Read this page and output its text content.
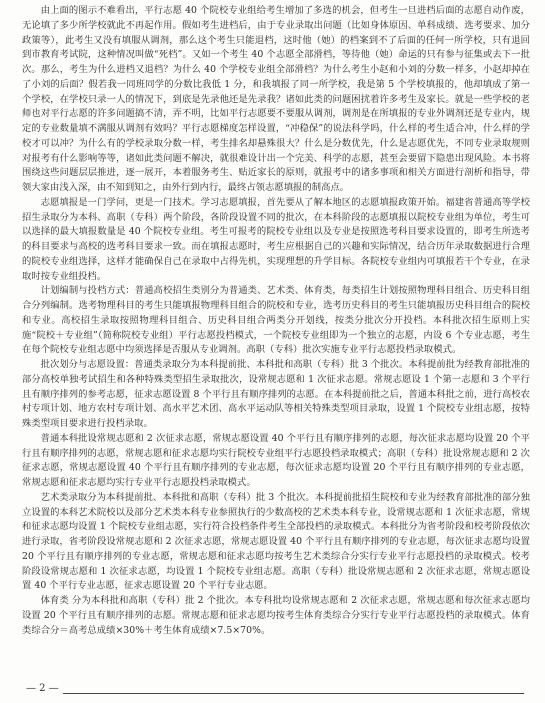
由上面的图示不难看出，平行志愿 40 个院校专业组给考生增加了多选的机会，但考生一旦进档后面的志愿自动作废，无论填了多少所学校就此不再起作用。假如考生进档后，由于专业录取出问题（比如身体原因、单科成绩、选考要求、加分政策等），此考生又没有填服从调剂，那么这个考生只能退档，这时他（她）的档案到不了后面的任何一所学校，只有退回到市教育考试院，这种情况叫做“死档”。又如一个考生 40 个志愿全部滑档，等待他（她）命运的只有参与征集或去下一批次。那么，考生为什么进档又退档？为什么 40 个学校专业组全部滑档？为什么考生小赵和小刘的分数一样多，小赵却掉在了小刘的后面？假若我一同班同学的分数比我低 1 分，和我填报了同一所学校，我是第 5 个学校填报的，他却填成了第一个学校，在学校只录一人的情况下，到底是先录他还是先录我？诸如此类的问题困扰着许多考生及家长。就是一些学校的老师也对平行志愿的许多问题搞不清，弄不明，比如平行志愿要不要服从调剂，调剂是在所填报的专业外调剂还是专业内，规定的专业数量填不满服从调剂有效吗？平行志愿梯度怎样设置，“冲稳保”的说法科学吗，什么样的考生适合冲，什么样的学校才可以冲？为什么有的学校录取分数一样，考生排名却悬殊很大？什么是分数优先，什么是志愿优先，不同专业录取规则对报考有什么影响等等，诸如此类问题不解决，就很难设计出一个完美、科学的志愿，甚至会要留下隐患出现风险。本书将围绕这些问题层层推进，逐一展开，本着服务考生、贴近家长的原则，就报考中的诸多事项和相关方面进行剖析和指导，带领大家由浅入深，由不知到知之，由外行到内行，最终占领志愿填报的制高点。

志愿填报是一门学问，更是一门技术。学习志愿填报，首先要从了解本地区的志愿填报政策开始。福建省普通高等学校招生录取分为本科、高职（专科）两个阶段，各阶段设置不同的批次，在本科阶段的志愿填报以院校专业组为单位，考生可以选择的最大填报数量是 40 个院校专业组。考生可报考的院校专业组以及专业是按照选考科目要求设置的，即考生所选考的科目要求与高校的选考科目要求一致。而在填报志愿时，考生应根据自己的兴趣和实际情况，结合历年录取数据进行合理的院校专业组选择，这样才能确保自己在录取中占得先机，实现理想的升学目标。各院校专业组内可填报若干个专业，在录取时按专业组投档。

计划编制与投档方式：普通高校招生类别分为普通类、艺术类、体育类，每类招生计划按照物理科目组合、历史科目组合分列编制。选考物理科目的考生只能填报物理科目组合的院校和专业，选考历史科目的考生只能填报历史科目组合的院校和专业。高校招生录取按照物理科目组合、历史科目组合两类分开划线，按类分批次分开投档。本科批次招生原则上实施“院校＋专业组”（简称院校专业组）平行志愿投档模式，一个院校专业组即为一个独立的志愿，内设 6 个专业志愿，考生在每个院校专业组志愿中均须选择是否服从专业调剂。高职（专科）批次实施专业平行志愿投档录取模式。

批次划分与志愿设置：普通类录取分为本科提前批、本科批和高职（专科）批 3 个批次。本科提前批为经教育部批准的部分高校单独考试招生和各种特殊类型招生录取批次，设常规志愿和 1 次征求志愿。常规志愿设 1 个第一志愿和 3 个平行且有顺序排列的参考志愿，征求志愿设置 8 个平行且有顺序排列的志愿。在本科提前批之后，普通本科批之前，进行高校农村专项计划、地方农村专项计划、高水平艺术团、高水平运动队等相关特殊类型项目录取，设置 1 个院校专业组志愿，按特殊类型项目要求进行投档录取。

普通本科批设常规志愿和 2 次征求志愿，常规志愿设置 40 个平行且有顺序排列的志愿，每次征求志愿均设置 20 个平行且有顺序排列的志愿，常规志愿和征求志愿均实行院校专业组平行志愿投档录取模式；高职（专科）批设常规志愿和 2 次征求志愿，常规志愿设置 40 个平行且有顺序排列的专业志愿，每次征求志愿均设置 20 个平行且有顺序排列的专业志愿，常规志愿和征求志愿均实行专业平行志愿投档录取模式。

艺术类录取分为本科提前批、本科批和高职（专科）批 3 个批次。本科提前批招生院校和专业为经教育部批准的部分独立设置的本科艺术院校以及部分艺术类本科专业参照执行的少数高校的艺术类本科专业，设常规志愿和 1 次征求志愿，常规和征求志愿均设置 1 个院校专业组志愿，实行符合投档条件考生全部投档的录取模式。本科批分为省考阶段和校考阶段依次进行录取，省考阶段设常规志愿和 2 次征求志愿，常规志愿设置 40 个平行且有顺序排列的专业志愿，每次征求志愿均设置 20 个平行且有顺序排列的专业志愿，常规志愿和征求志愿均按考生艺术类综合分实行专业平行志愿投档的录取模式。校考阶段设常规志愿和 1 次征求志愿，均设置 1 个院校专业组志愿。高职（专科）批设常规志愿和 2 次征求志愿，常规志愿设置 40 个平行专业志愿，征求志愿设置 20 个平行专业志愿。

体育类 分为本科批和高职（专科）批 2 个批次。本专科批均设常规志愿和 2 次征求志愿，常规志愿和每次征求志愿均设置 20 个平行且有顺序排列的志愿。常规志愿和征求志愿均按考生体育类综合分实行专业平行志愿投档的录取模式。体育类综合分＝高考总成绩×30%＋考生体育成绩×7.5×70%。

— 2 —
